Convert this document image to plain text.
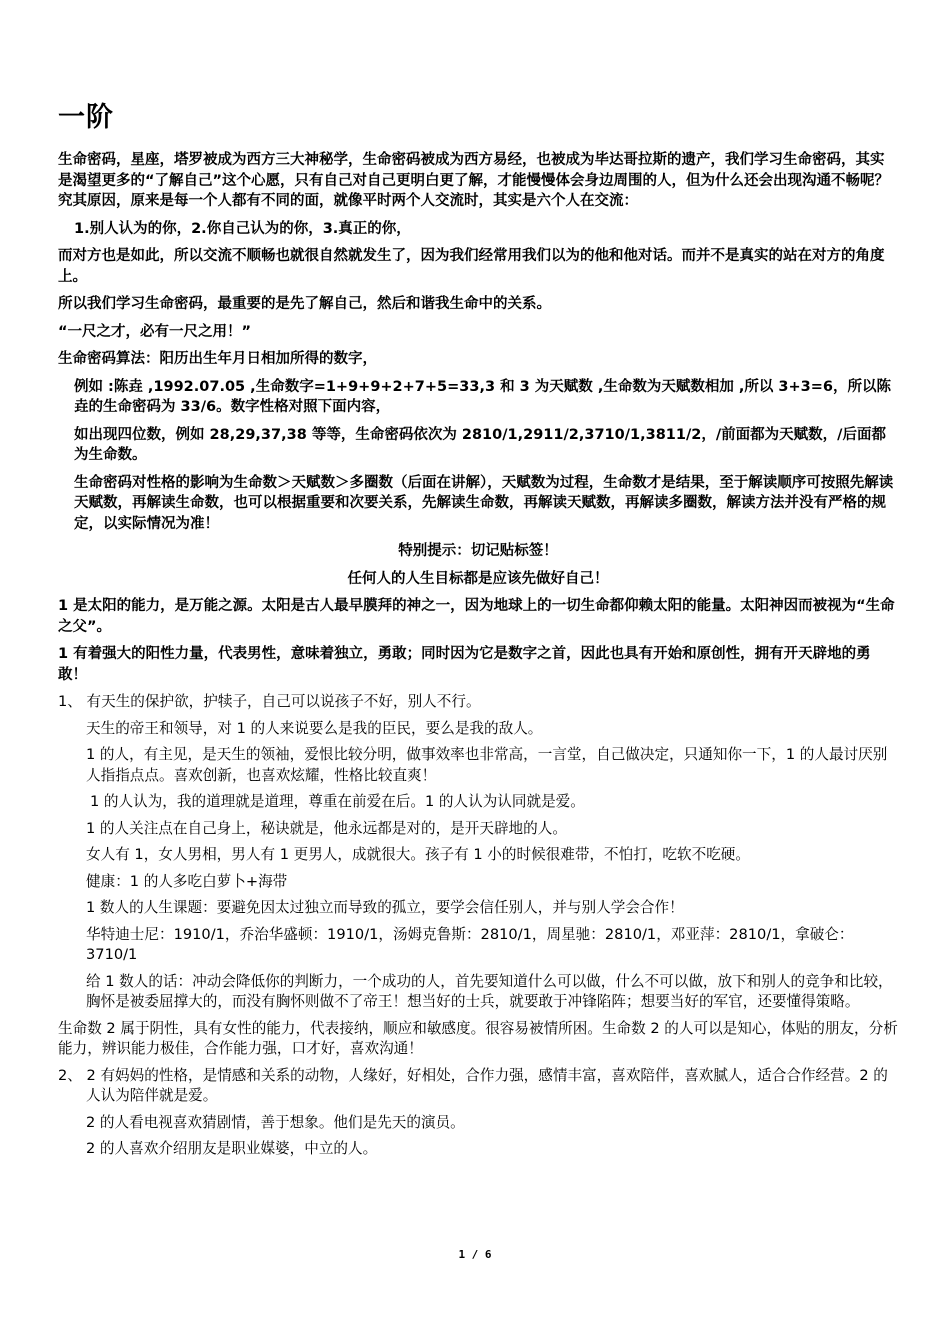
一阶

生命密码，星座，塔罗被成为西方三大神秘学，生命密码被成为西方易经，也被成为毕达哥拉斯的遗产，我们学习生命密码，其实是渴望更多的“了解自己”这个心愿，只有自己对自己更明白更了解，才能慢慢体会身边周围的人，但为什么还会出现沟通不畅呢？究其原因，原来是每一个人都有不同的面，就像平时两个人交流时，其实是六个人在交流：

1.别人认为的你，2.你自己认为的你，3.真正的你，

而对方也是如此，所以交流不顺畅也就很自然就发生了，因为我们经常用我们以为的他和他对话。而并不是真实的站在对方的角度上。

所以我们学习生命密码，最重要的是先了解自己，然后和谐我生命中的关系。

“一尺之才，必有一尺之用！”

生命密码算法：阳历出生年月日相加所得的数字，

例如 :陈垚 ,1992.07.05 ,生命数字=1+9+9+2+7+5=33,3 和 3 为天赋数 ,生命数为天赋数相加 ,所以 3+3=6，所以陈垚的生命密码为 33/6。数字性格对照下面内容，

如出现四位数，例如 28,29,37,38 等等，生命密码依次为 2810/1,2911/2,3710/1,3811/2，/前面都为天赋数，/后面都为生命数。

生命密码对性格的影响为生命数＞天赋数＞多圈数（后面在讲解），天赋数为过程，生命数才是结果，至于解读顺序可按照先解读天赋数，再解读生命数，也可以根据重要和次要关系，先解读生命数，再解读天赋数，再解读多圈数，解读方法并没有严格的规定，以实际情况为准！

特别提示：切记贴标签！

任何人的人生目标都是应该先做好自己！

1 是太阳的能力，是万能之源。太阳是古人最早膜拜的神之一，因为地球上的一切生命都仰赖太阳的能量。太阳神因而被视为“生命之父”。

1 有着强大的阳性力量，代表男性，意味着独立，勇敢；同时因为它是数字之首，因此也具有开始和原创性，拥有开天辟地的勇敢！

1、 有天生的保护欲，护犊子，自己可以说孩子不好，别人不行。

天生的帝王和领导，对 1 的人来说要么是我的臣民，要么是我的敌人。

1 的人，有主见，是天生的领袖，爱恨比较分明，做事效率也非常高，一言堂，自己做决定，只通知你一下，1 的人最讨厌别人指指点点。喜欢创新，也喜欢炫耀，性格比较直爽！

1 的人认为，我的道理就是道理，尊重在前爱在后。1 的人认为认同就是爱。

1 的人关注点在自己身上，秘诀就是，他永远都是对的，是开天辟地的人。

女人有 1，女人男相，男人有 1 更男人，成就很大。孩子有 1 小的时候很难带，不怕打，吃软不吃硬。

健康：1 的人多吃白萝卜+海带

1 数人的人生课题：要避免因太过独立而导致的孤立，要学会信任别人，并与别人学会合作！

华特迪士尼：1910/1，乔治华盛顿：1910/1，汤姆克鲁斯：2810/1，周星驰：2810/1，邓亚萍：2810/1，拿破仑：3710/1

给 1 数人的话：冲动会降低你的判断力，一个成功的人，首先要知道什么可以做，什么不可以做，放下和别人的竞争和比较，胸怀是被委屈撑大的，而没有胸怀则做不了帝王！想当好的士兵，就要敢于冲锋陷阵；想要当好的军官，还要懂得策略。

生命数 2 属于阴性，具有女性的能力，代表接纳，顺应和敏感度。很容易被情所困。生命数 2 的人可以是知心，体贴的朋友，分析能力，辨识能力极佳，合作能力强，口才好，喜欢沟通！

2、 2 有妈妈的性格，是情感和关系的动物，人缘好，好相处，合作力强，感情丰富，喜欢陪伴，喜欢腻人，适合合作经营。2 的人认为陪伴就是爱。

2 的人看电视喜欢猜剧情，善于想象。他们是先天的演员。

2 的人喜欢介绍朋友是职业媒婆，中立的人。

1 / 6
